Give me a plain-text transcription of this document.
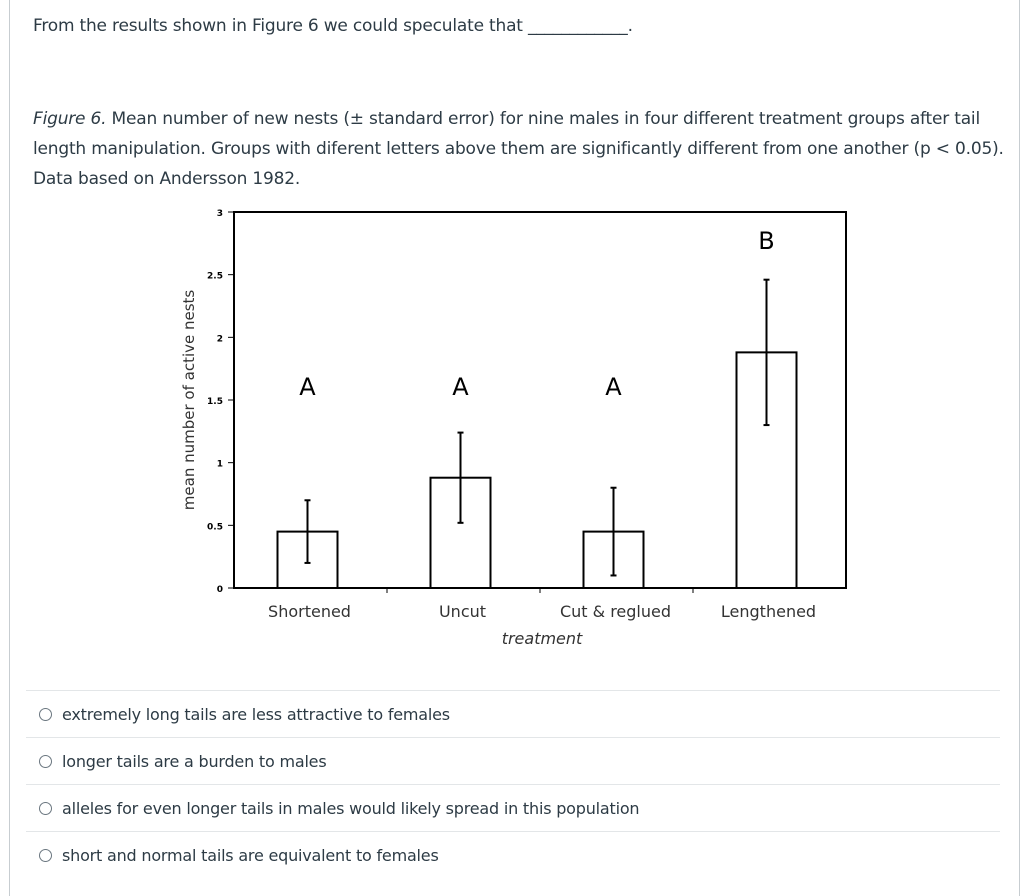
From the results shown in Figure 6 we could speculate that ____________.
Figure 6. Mean number of new nests (± standard error) for nine males in four different treatment groups after tail length manipulation. Groups with diferent letters above them are significantly different from one another (p < 0.05). Data based on Andersson 1982.
0
0.5
1
1.5
2
2.5
3
mean number of active nests	A
Shortened
A
Uncut
A
Cut & reglued
B
Lengthened
treatment
extremely long tails are less attractive to females
longer tails are a burden to males
alleles for even longer tails in males would likely spread in this population
short and normal tails are equivalent to females
